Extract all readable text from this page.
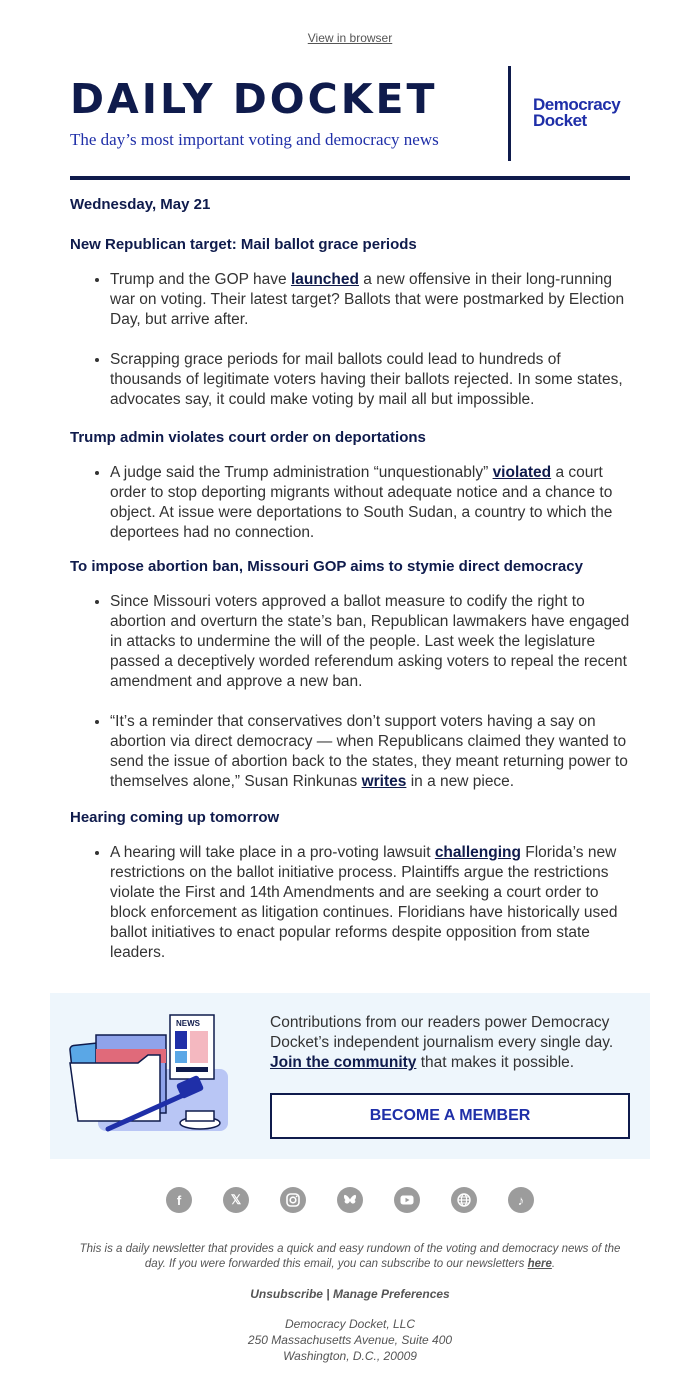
View in browser
DAILY DOCKET
The day’s most important voting and democracy news
Democracy
Docket
Wednesday, May 21
New Republican target: Mail ballot grace periods
• Trump and the GOP have launched a new offensive in their long-running war on voting. Their latest target? Ballots that were postmarked by Election Day, but arrive after.
• Scrapping grace periods for mail ballots could lead to hundreds of thousands of legitimate voters having their ballots rejected. In some states, advocates say, it could make voting by mail all but impossible.
Trump admin violates court order on deportations
• A judge said the Trump administration “unquestionably” violated a court order to stop deporting migrants without adequate notice and a chance to object. At issue were deportations to South Sudan, a country to which the deportees had no connection.
To impose abortion ban, Missouri GOP aims to stymie direct democracy
• Since Missouri voters approved a ballot measure to codify the right to abortion and overturn the state’s ban, Republican lawmakers have engaged in attacks to undermine the will of the people. Last week the legislature passed a deceptively worded referendum asking voters to repeal the recent amendment and approve a new ban.
• “It’s a reminder that conservatives don’t support voters having a say on abortion via direct democracy — when Republicans claimed they wanted to send the issue of abortion back to the states, they meant returning power to themselves alone,” Susan Rinkunas writes in a new piece.
Hearing coming up tomorrow
• A hearing will take place in a pro-voting lawsuit challenging Florida’s new restrictions on the ballot initiative process. Plaintiffs argue the restrictions violate the First and 14th Amendments and are seeking a court order to block enforcement as litigation continues. Floridians have historically used ballot initiatives to enact popular reforms despite opposition from state leaders.
NEWS	Contributions from our readers power Democracy Docket’s independent journalism every single day. Join the community that makes it possible.
BECOME A MEMBER
f	𝕏	♪
This is a daily newsletter that provides a quick and easy rundown of the voting and democracy news of the day. If you were forwarded this email, you can subscribe to our newsletters here.
Unsubscribe | Manage Preferences
Democracy Docket, LLC
250 Massachusetts Avenue, Suite 400
Washington, D.C., 20009
